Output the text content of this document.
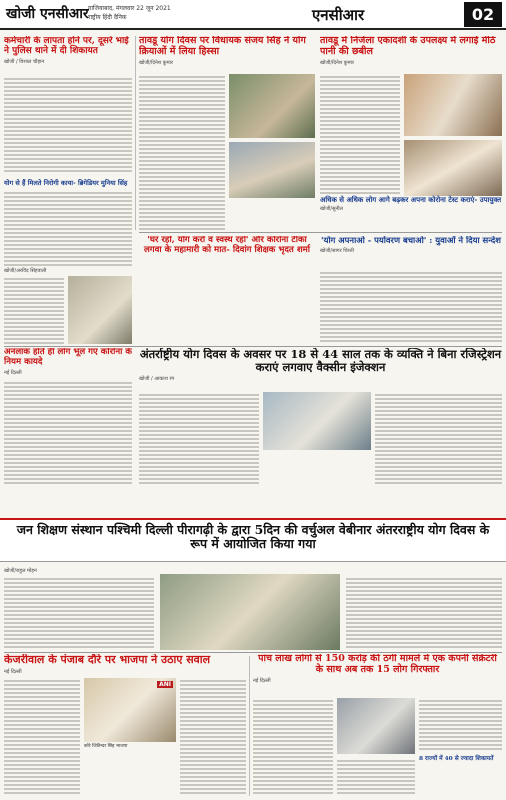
खोजी एनसीआर गाजियाबाद, मंगलवार 22 जून 2021
राष्ट्रीय हिंदी दैनिक	एनसीआर	02
कर्मचारी के लापता होने पर, दूसरे भाई ने पुलिस थाने में दी शिकायत
खोजी / विशाल चौहान
योग से हैं मिलते निरोगी काया- ब्रिगेडियर मुनिया सिंह
तावडू योग दिवस पर विधायक संजय सिंह ने योग क्रियाओं में लिया हिस्सा
खोजी/दिनेश कुमार
तावडू में निर्जला एकादशी के उपलक्ष्य में लगाई मीठे पानी की छबील
खोजी/दिनेश कुमार
'घर रहो, योग करो व स्वस्थ रहो' और कोरोना टीका लगवा के महामारी को मात- दिवांग शिक्षक भृदत शर्मा
'योग अपनाओ - पर्यावरण बचाओ' : युवाओं ने दिया सन्देश
खोजी/सागर चिश्ती
खोजी/अरविंद सिंहवाली
अनलाक होते ही लोग भूल गए कोरोना के नियम कायदे
नई दिल्ली
अंतर्राष्ट्रीय योग दिवस के अवसर पर 18 से 44 साल तक के व्यक्ति ने बिना रजिस्ट्रेशन कराएं लगवाए वैक्सीन इंजेक्शन
खोजी / आकाश रंग
जन शिक्षण संस्थान पश्चिमी दिल्ली पीरागढ़ी के द्वारा 5दिन की वर्चुअल वेबीनार अंतरराष्ट्रीय योग दिवस के रूप में आयोजित किया गया
खोजी/राहुल मोहन
केजरीवाल के पंजाब दौरे पर भाजपा ने उठाए सवाल
नई दिल्ली
ANI
कोरे जितिन्दर सिंह भाजपा
पांच लाख लोगों से 150 करोड़ की ठगी मामले में एक कंपनी सेक्रेटरी के साथ अब तक 15 लोग गिरफ्तार
नई दिल्ली
8 राज्यों में 40 से ज्यादा शिकायतें
अधिक से अधिक लोग आगे बढ़कर अपना कोरोना टेस्ट कराएं- उपायुक्त
खोजी/सुनील
